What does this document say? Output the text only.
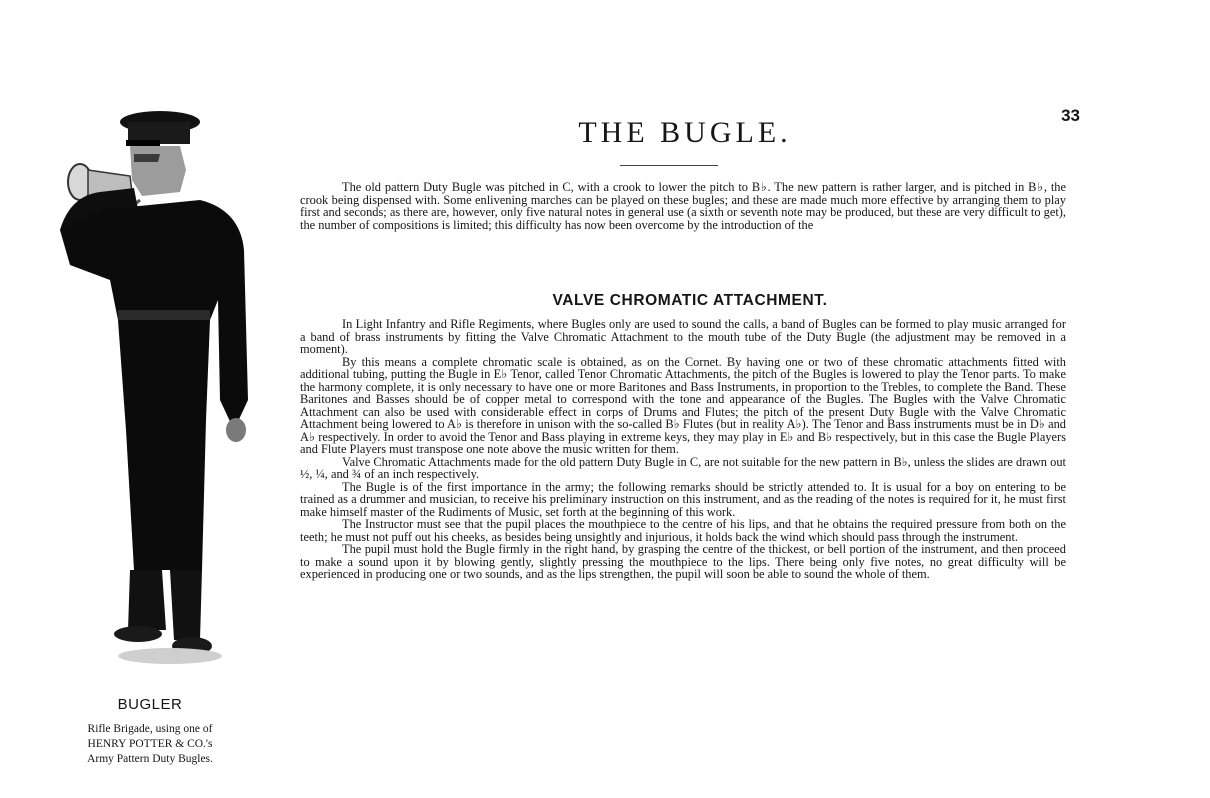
BUGLER
Rifle Brigade, using one of
HENRY POTTER & CO.'s
Army Pattern Duty Bugles.
33
THE BUGLE.

The old pattern Duty Bugle was pitched in C, with a crook to lower the pitch to B♭. The new pattern is rather larger, and is pitched in B♭, the crook being dispensed with. Some enlivening marches can be played on these bugles; and these are made much more effective by arranging them to play first and seconds; as there are, however, only five natural notes in general use (a sixth or seventh note may be produced, but these are very difficult to get), the number of compositions is limited; this difficulty has now been overcome by the introduction of the

VALVE CHROMATIC ATTACHMENT.

In Light Infantry and Rifle Regiments, where Bugles only are used to sound the calls, a band of Bugles can be formed to play music arranged for a band of brass instruments by fitting the Valve Chromatic Attachment to the mouth tube of the Duty Bugle (the adjustment may be removed in a moment).

By this means a complete chromatic scale is obtained, as on the Cornet. By having one or two of these chromatic attachments fitted with additional tubing, putting the Bugle in E♭ Tenor, called Tenor Chromatic Attachments, the pitch of the Bugles is lowered to play the Tenor parts. To make the harmony complete, it is only necessary to have one or more Baritones and Bass Instruments, in proportion to the Trebles, to complete the Band. These Baritones and Basses should be of copper metal to correspond with the tone and appearance of the Bugles. The Bugles with the Valve Chromatic Attachment can also be used with considerable effect in corps of Drums and Flutes; the pitch of the present Duty Bugle with the Valve Chromatic Attachment being lowered to A♭ is therefore in unison with the so-called B♭ Flutes (but in reality A♭). The Tenor and Bass instruments must be in D♭ and A♭ respectively. In order to avoid the Tenor and Bass playing in extreme keys, they may play in E♭ and B♭ respectively, but in this case the Bugle Players and Flute Players must transpose one note above the music written for them.

Valve Chromatic Attachments made for the old pattern Duty Bugle in C, are not suitable for the new pattern in B♭, unless the slides are drawn out ½, ¼, and ¾ of an inch respectively.

The Bugle is of the first importance in the army; the following remarks should be strictly attended to. It is usual for a boy on entering to be trained as a drummer and musician, to receive his preliminary instruction on this instrument, and as the reading of the notes is required for it, he must first make himself master of the Rudiments of Music, set forth at the beginning of this work.

The Instructor must see that the pupil places the mouthpiece to the centre of his lips, and that he obtains the required pressure from both on the teeth; he must not puff out his cheeks, as besides being unsightly and injurious, it holds back the wind which should pass through the instrument.

The pupil must hold the Bugle firmly in the right hand, by grasping the centre of the thickest, or bell portion of the instrument, and then proceed to make a sound upon it by blowing gently, slightly pressing the mouthpiece to the lips. There being only five notes, no great difficulty will be experienced in producing one or two sounds, and as the lips strengthen, the pupil will soon be able to sound the whole of them.
